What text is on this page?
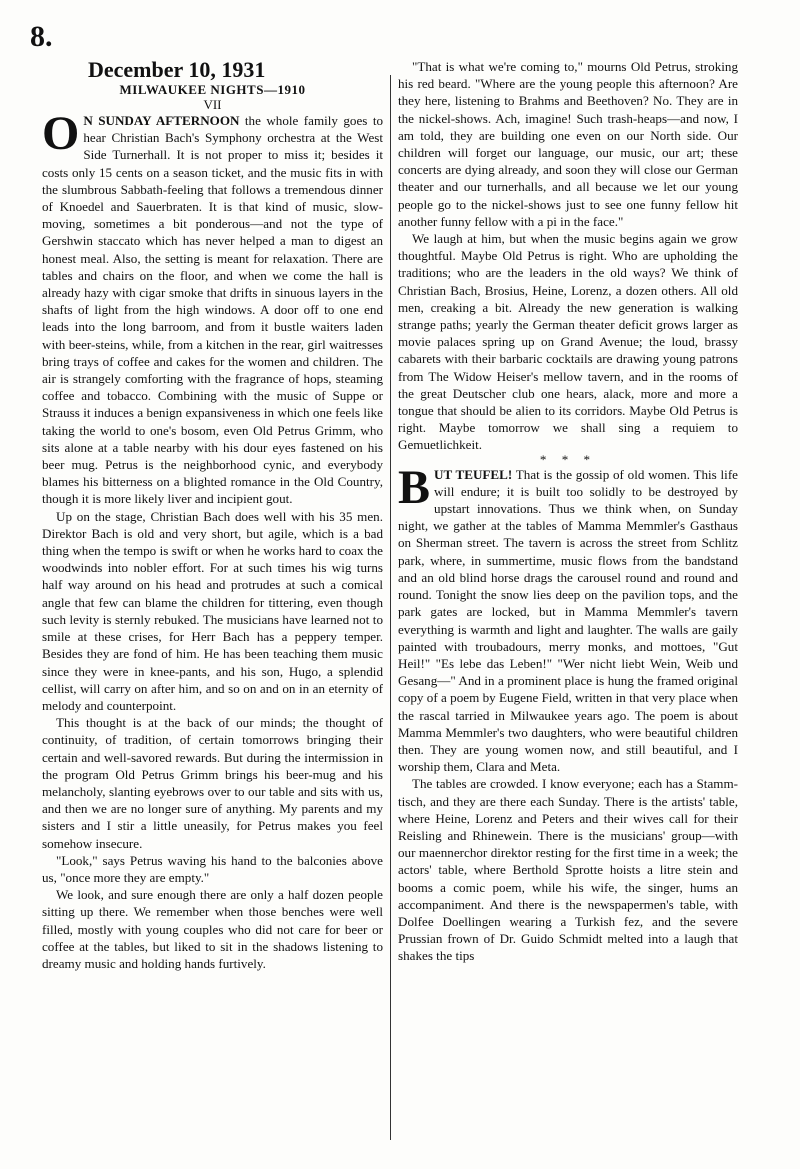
8.
December 10, 1931
MILWAUKEE NIGHTS—1910
VII

O N SUNDAY AFTERNOON the whole family goes to hear Christian Bach's Symphony orchestra at the West Side Turnerhall. It is not proper to miss it; besides it costs only 15 cents on a season ticket, and the music fits in with the slumbrous Sabbath-feeling that follows a tremendous dinner of Knoedel and Sauerbraten. It is that kind of music, slow-moving, sometimes a bit ponderous—and not the type of Gershwin staccato which has never helped a man to digest an honest meal. Also, the setting is meant for relaxation. There are tables and chairs on the floor, and when we come the hall is already hazy with cigar smoke that drifts in sinuous layers in the shafts of light from the high windows. A door off to one end leads into the long barroom, and from it bustle waiters laden with beer-steins, while, from a kitchen in the rear, girl waitresses bring trays of coffee and cakes for the women and children. The air is strangely comforting with the fragrance of hops, steaming coffee and tobacco. Combining with the music of Suppe or Strauss it induces a benign expansiveness in which one feels like taking the world to one's bosom, even Old Petrus Grimm, who sits alone at a table nearby with his dour eyes fastened on his beer mug. Petrus is the neighborhood cynic, and everybody blames his bitterness on a blighted romance in the Old Country, though it is more likely liver and incipient gout.

Up on the stage, Christian Bach does well with his 35 men. Direktor Bach is old and very short, but agile, which is a bad thing when the tempo is swift or when he works hard to coax the woodwinds into nobler effort. For at such times his wig turns half way around on his head and protrudes at such a comical angle that few can blame the children for tittering, even though such levity is sternly rebuked. The musicians have learned not to smile at these crises, for Herr Bach has a peppery temper. Besides they are fond of him. He has been teaching them music since they were in knee-pants, and his son, Hugo, a splendid cellist, will carry on after him, and so on and on in an eternity of melody and counterpoint.

This thought is at the back of our minds; the thought of continuity, of tradition, of certain tomorrows bringing their certain and well-savored rewards. But during the intermission in the program Old Petrus Grimm brings his beer-mug and his melancholy, slanting eyebrows over to our table and sits with us, and then we are no longer sure of anything. My parents and my sisters and I stir a little uneasily, for Petrus makes you feel somehow insecure.

"Look," says Petrus waving his hand to the balconies above us, "once more they are empty."

We look, and sure enough there are only a half dozen people sitting up there. We remember when those benches were well filled, mostly with young couples who did not care for beer or coffee at the tables, but liked to sit in the shadows listening to dreamy music and holding hands furtively.

"That is what we're coming to," mourns Old Petrus, stroking his red beard. "Where are the young people this afternoon? Are they here, listening to Brahms and Beethoven? No. They are in the nickel-shows. Ach, imagine! Such trash-heaps—and now, I am told, they are building one even on our North side. Our children will forget our language, our music, our art; these concerts are dying already, and soon they will close our German theater and our turnerhalls, and all because we let our young people go to the nickel-shows just to see one funny fellow hit another funny fellow with a pi in the face."

We laugh at him, but when the music begins again we grow thoughtful. Maybe Old Petrus is right. Who are upholding the traditions; who are the leaders in the old ways? We think of Christian Bach, Brosius, Heine, Lorenz, a dozen others. All old men, creaking a bit. Already the new generation is walking strange paths; yearly the German theater deficit grows larger as movie palaces spring up on Grand Avenue; the loud, brassy cabarets with their barbaric cocktails are drawing young patrons from The Widow Heiser's mellow tavern, and in the rooms of the great Deutscher club one hears, alack, more and more a tongue that should be alien to its corridors. Maybe Old Petrus is right. Maybe tomorrow we shall sing a requiem to Gemuetlichkeit.

* * *

BUT TEUFEL! That is the gossip of old women. This life will endure; it is built too solidly to be destroyed by upstart innovations. Thus we think when, on Sunday night, we gather at the tables of Mamma Memmler's Gasthaus on Sherman street. The tavern is across the street from Schlitz park, where, in summertime, music flows from the bandstand and an old blind horse drags the carousel round and round and round. Tonight the snow lies deep on the pavilion tops, and the park gates are locked, but in Mamma Memmler's tavern everything is warmth and light and laughter. The walls are gaily painted with troubadours, merry monks, and mottoes, "Gut Heil!" "Es lebe das Leben!" "Wer nicht liebt Wein, Weib und Gesang—" And in a prominent place is hung the framed original copy of a poem by Eugene Field, written in that very place when the rascal tarried in Milwaukee years ago. The poem is about Mamma Memmler's two daughters, who were beautiful children then. They are young women now, and still beautiful, and I worship them, Clara and Meta.

The tables are crowded. I know everyone; each has a Stamm-tisch, and they are there each Sunday. There is the artists' table, where Heine, Lorenz and Peters and their wives call for their Reisling and Rhinewein. There is the musicians' group—with our maennerchor direktor resting for the first time in a week; the actors' table, where Berthold Sprotte hoists a litre stein and booms a comic poem, while his wife, the singer, hums an accompaniment. And there is the newspapermen's table, with Dolfee Doellingen wearing a Turkish fez, and the severe Prussian frown of Dr. Guido Schmidt melted into a laugh that shakes the tips
